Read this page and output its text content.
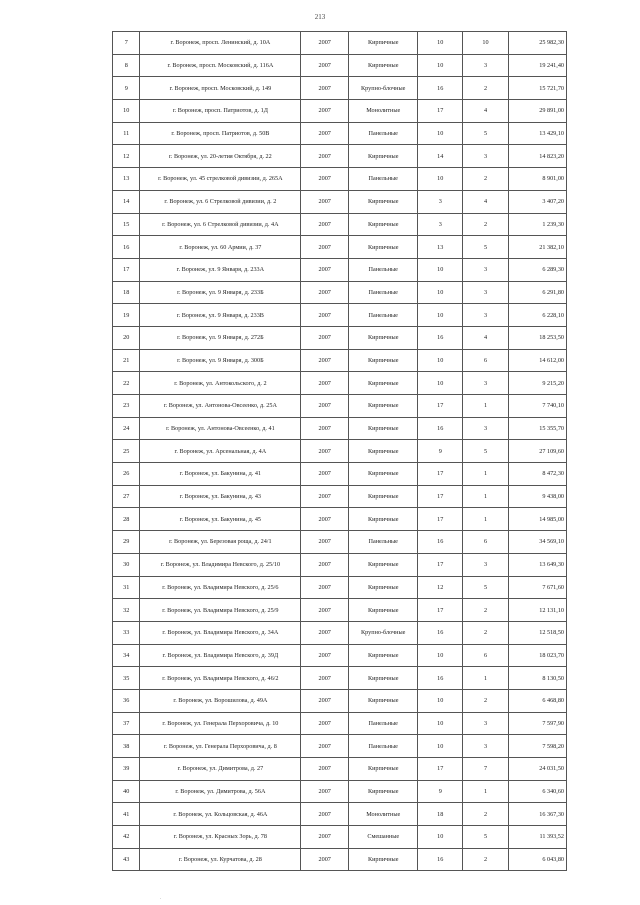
213
7	г. Воронеж, просп. Ленинский, д. 10А	2007	Кирпичные	10	10	25 982,30
8	г. Воронеж, просп. Московский, д. 116А	2007	Кирпичные	10	3	19 241,40
9	г. Воронеж, просп. Московский, д. 149	2007	Крупно-блочные	16	2	15 721,70
10	г. Воронеж, просп. Патриотов, д. 1Д	2007	Монолитные	17	4	29 891,00
11	г. Воронеж, просп. Патриотов, д. 50В	2007	Панельные	10	5	13 429,10
12	г. Воронеж, ул. 20-летия Октября, д. 22	2007	Кирпичные	14	3	14 823,20
13	г. Воронеж, ул. 45 стрелковой дивизии, д. 265А	2007	Панельные	10	2	8 901,00
14	г. Воронеж, ул. 6 Стрелковой дивизии, д. 2	2007	Кирпичные	3	4	3 407,20
15	г. Воронеж, ул. 6 Стрелковой дивизии, д. 4А	2007	Кирпичные	3	2	1 239,30
16	г. Воронеж, ул. 60 Армии, д. 37	2007	Кирпичные	13	5	21 382,10
17	г. Воронеж, ул. 9 Января, д. 233А	2007	Панельные	10	3	6 289,30
18	г. Воронеж, ул. 9 Января, д. 233Б	2007	Панельные	10	3	6 291,80
19	г. Воронеж, ул. 9 Января, д. 233В	2007	Панельные	10	3	6 228,10
20	г. Воронеж, ул. 9 Января, д. 272Б	2007	Кирпичные	16	4	18 253,50
21	г. Воронеж, ул. 9 Января, д. 300Б	2007	Кирпичные	10	6	14 612,00
22	г. Воронеж, ул. Антокольского, д. 2	2007	Кирпичные	10	3	9 215,20
23	г. Воронеж, ул. Антонова-Овсеенко, д. 25А	2007	Кирпичные	17	1	7 740,10
24	г. Воронеж, ул. Антонова-Овсеенко, д. 41	2007	Кирпичные	16	3	15 355,70
25	г. Воронеж, ул. Арсенальная, д. 4А	2007	Кирпичные	9	5	27 109,60
26	г. Воронеж, ул. Бакунина, д. 41	2007	Кирпичные	17	1	8 472,30
27	г. Воронеж, ул. Бакунина, д. 43	2007	Кирпичные	17	1	9 438,00
28	г. Воронеж, ул. Бакунина, д. 45	2007	Кирпичные	17	1	14 985,00
29	г. Воронеж, ул. Березовая роща, д. 24/1	2007	Панельные	16	6	34 569,10
30	г. Воронеж, ул. Владимира Невского, д. 25/10	2007	Кирпичные	17	3	13 649,30
31	г. Воронеж, ул. Владимира Невского, д. 25/6	2007	Кирпичные	12	5	7 671,60
32	г. Воронеж, ул. Владимира Невского, д. 25/9	2007	Кирпичные	17	2	12 131,10
33	г. Воронеж, ул. Владимира Невского, д. 34А	2007	Крупно-блочные	16	2	12 518,50
34	г. Воронеж, ул. Владимира Невского, д. 39Д	2007	Кирпичные	10	6	18 023,70
35	г. Воронеж, ул. Владимира Невского, д. 46/2	2007	Кирпичные	16	1	8 130,50
36	г. Воронеж, ул. Ворошилова, д. 49А	2007	Кирпичные	10	2	6 468,80
37	г. Воронеж, ул. Генерала Перхоровича, д. 10	2007	Панельные	10	3	7 597,90
38	г. Воронеж, ул. Генерала Перхоровича, д. 8	2007	Панельные	10	3	7 598,20
39	г. Воронеж, ул. Димитрова, д. 27	2007	Кирпичные	17	7	24 031,50
40	г. Воронеж, ул. Димитрова, д. 56А	2007	Кирпичные	9	1	6 340,60
41	г. Воронеж, ул. Кольцовская, д. 46А	2007	Монолитные	18	2	16 367,30
42	г. Воронеж, ул. Красных Зорь, д. 78	2007	Смешанные	10	5	11 393,52
43	г. Воронеж, ул. Курчатова, д. 28	2007	Кирпичные	16	2	6 043,80
.
